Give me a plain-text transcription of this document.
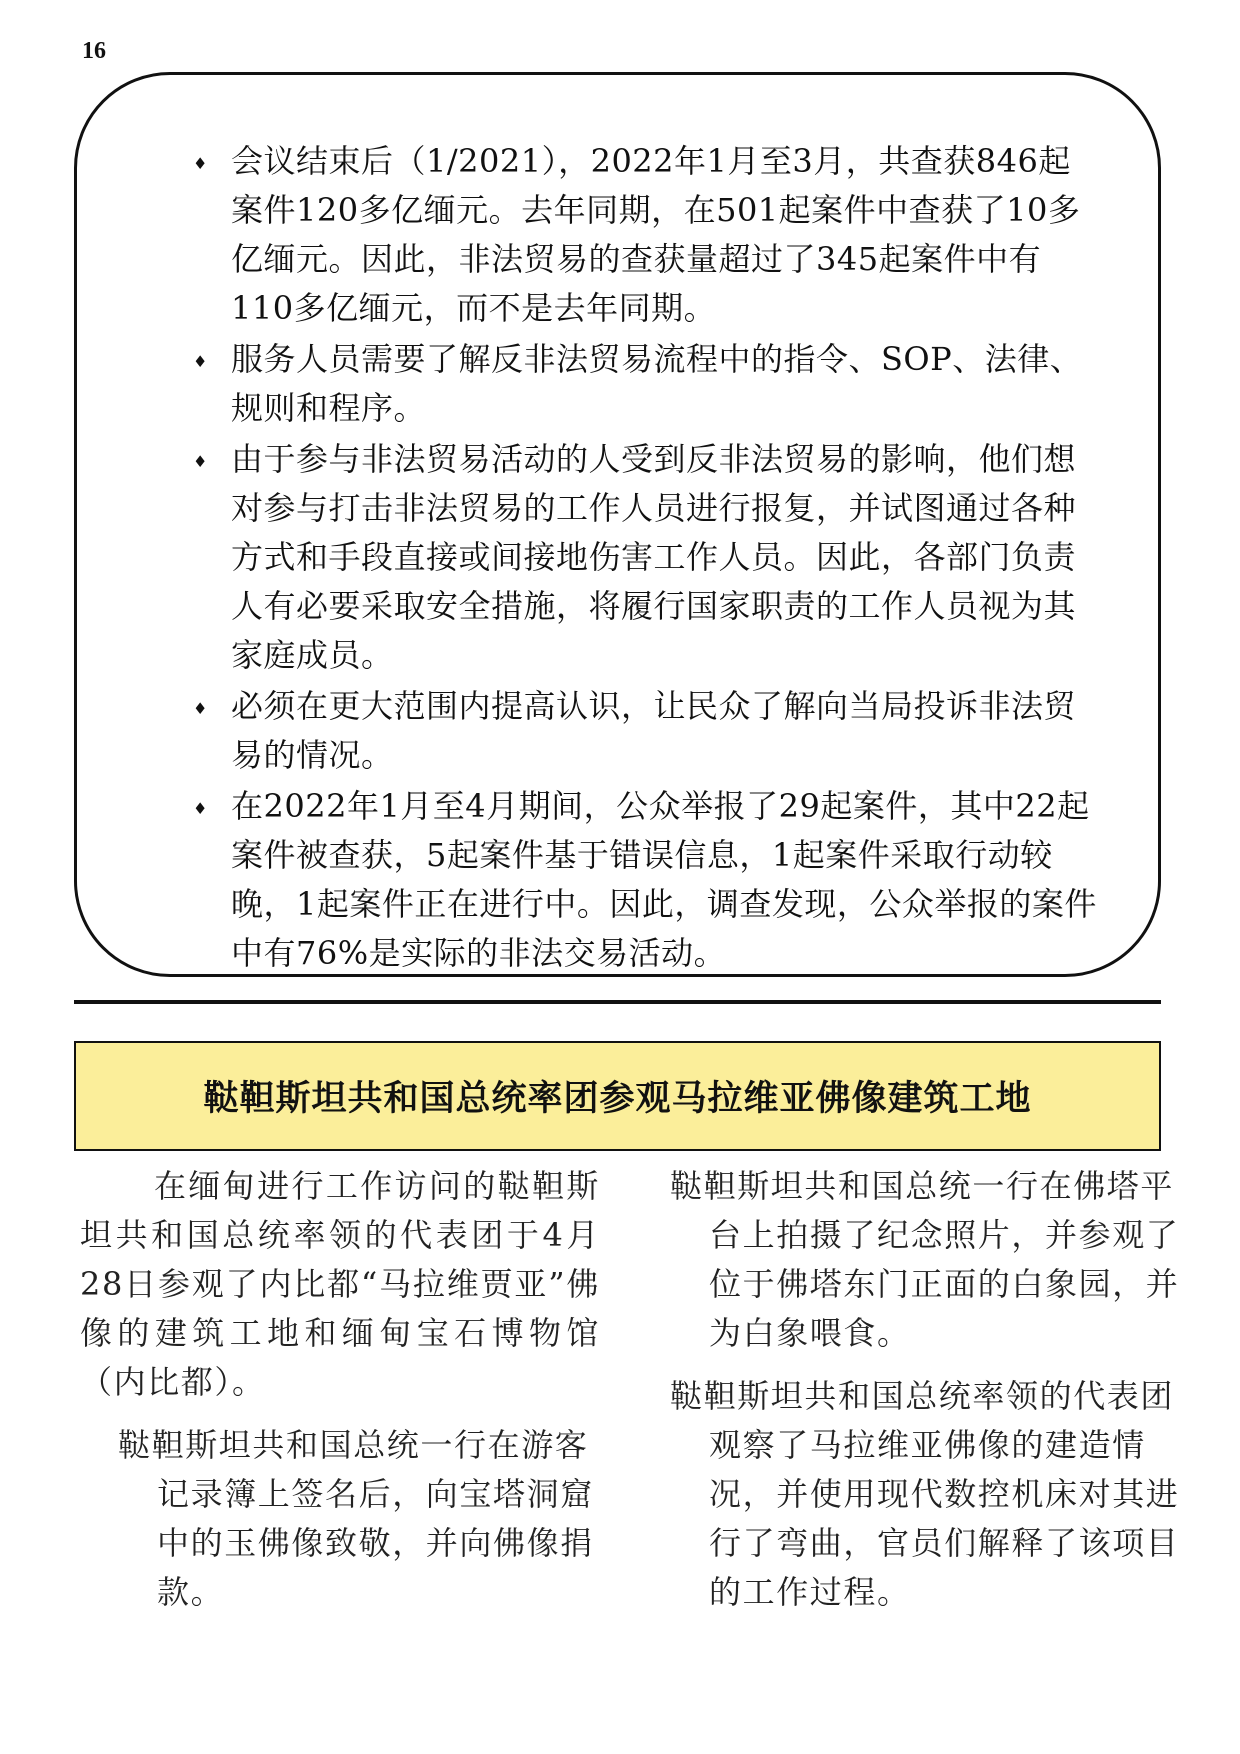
16
♦ 会议结束后（1/2021），2022年1月至3月，共查获846起案件120多亿缅元。去年同期，在501起案件中查获了10多亿缅元。因此，非法贸易的查获量超过了345起案件中有110多亿缅元，而不是去年同期。
♦ 服务人员需要了解反非法贸易流程中的指令、SOP、法律、规则和程序。
♦ 由于参与非法贸易活动的人受到反非法贸易的影响，他们想对参与打击非法贸易的工作人员进行报复，并试图通过各种方式和手段直接或间接地伤害工作人员。因此，各部门负责人有必要采取安全措施，将履行国家职责的工作人员视为其家庭成员。
♦ 必须在更大范围内提高认识，让民众了解向当局投诉非法贸易的情况。
♦ 在2022年1月至4月期间，公众举报了29起案件，其中22起案件被查获，5起案件基于错误信息，1起案件采取行动较晚，1起案件正在进行中。因此，调查发现，公众举报的案件中有76%是实际的非法交易活动。
鞑靼斯坦共和国总统率团参观马拉维亚佛像建筑工地

在缅甸进行工作访问的鞑靼斯坦共和国总统率领的代表团于4月28日参观了内比都“马拉维贾亚”佛像的建筑工地和缅甸宝石博物馆（内比都）。

鞑靼斯坦共和国总统一行在游客记录簿上签名后，向宝塔洞窟中的玉佛像致敬，并向佛像捐款。

鞑靼斯坦共和国总统一行在佛塔平台上拍摄了纪念照片，并参观了位于佛塔东门正面的白象园，并为白象喂食。

鞑靼斯坦共和国总统率领的代表团观察了马拉维亚佛像的建造情况，并使用现代数控机床对其进行了弯曲，官员们解释了该项目的工作过程。
